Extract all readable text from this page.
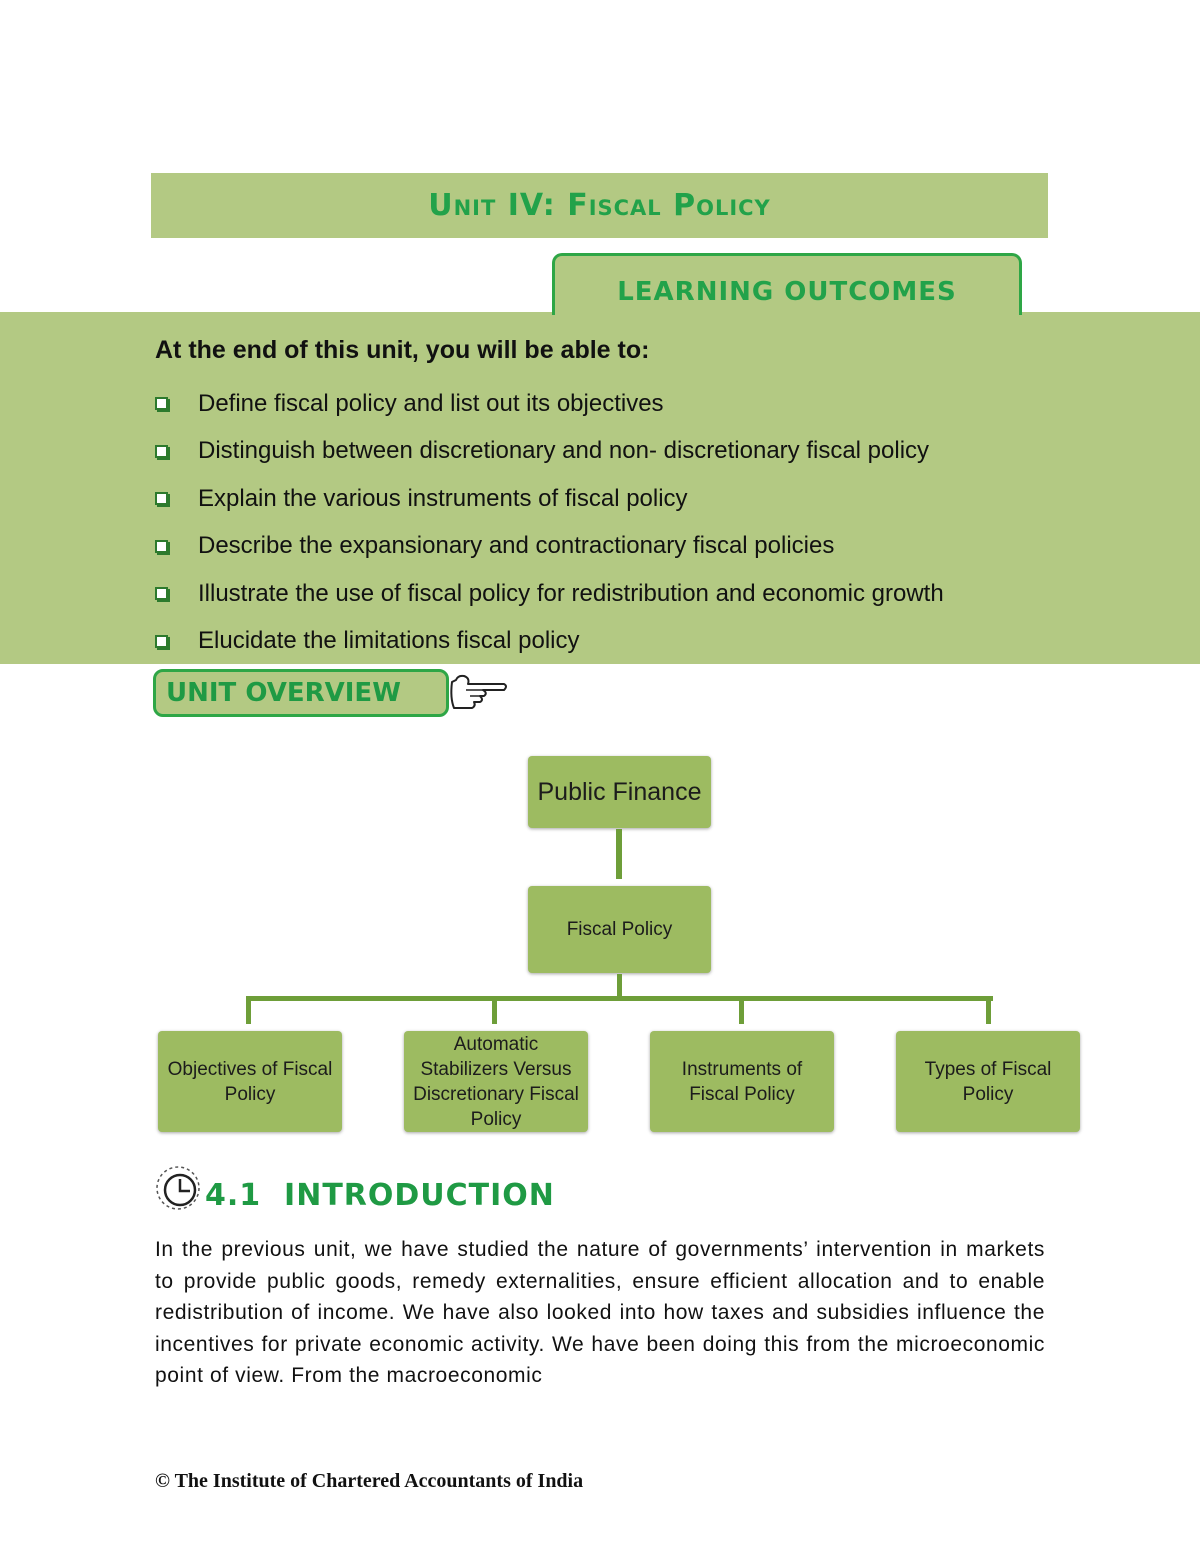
Unit IV: Fiscal Policy
LEARNING OUTCOMES
At the end of this unit, you will be able to:
Define fiscal policy and list out its objectives
Distinguish between discretionary and non- discretionary fiscal policy
Explain the various instruments of fiscal policy
Describe the expansionary and contractionary fiscal policies
Illustrate the use of fiscal policy for redistribution and economic growth
Elucidate the limitations fiscal policy
UNIT OVERVIEW
Public Finance
Fiscal Policy
Objectives of Fiscal Policy
Automatic Stabilizers Versus Discretionary Fiscal Policy
Instruments of Fiscal Policy
Types of Fiscal Policy
4.1 INTRODUCTION

In the previous unit, we have studied the nature of governments’ intervention in markets to provide public goods, remedy externalities, ensure efficient allocation and to enable redistribution of income. We have also looked into how taxes and subsidies influence the incentives for private economic activity. We have been doing this from the microeconomic point of view. From the macroeconomic

© The Institute of Chartered Accountants of India
